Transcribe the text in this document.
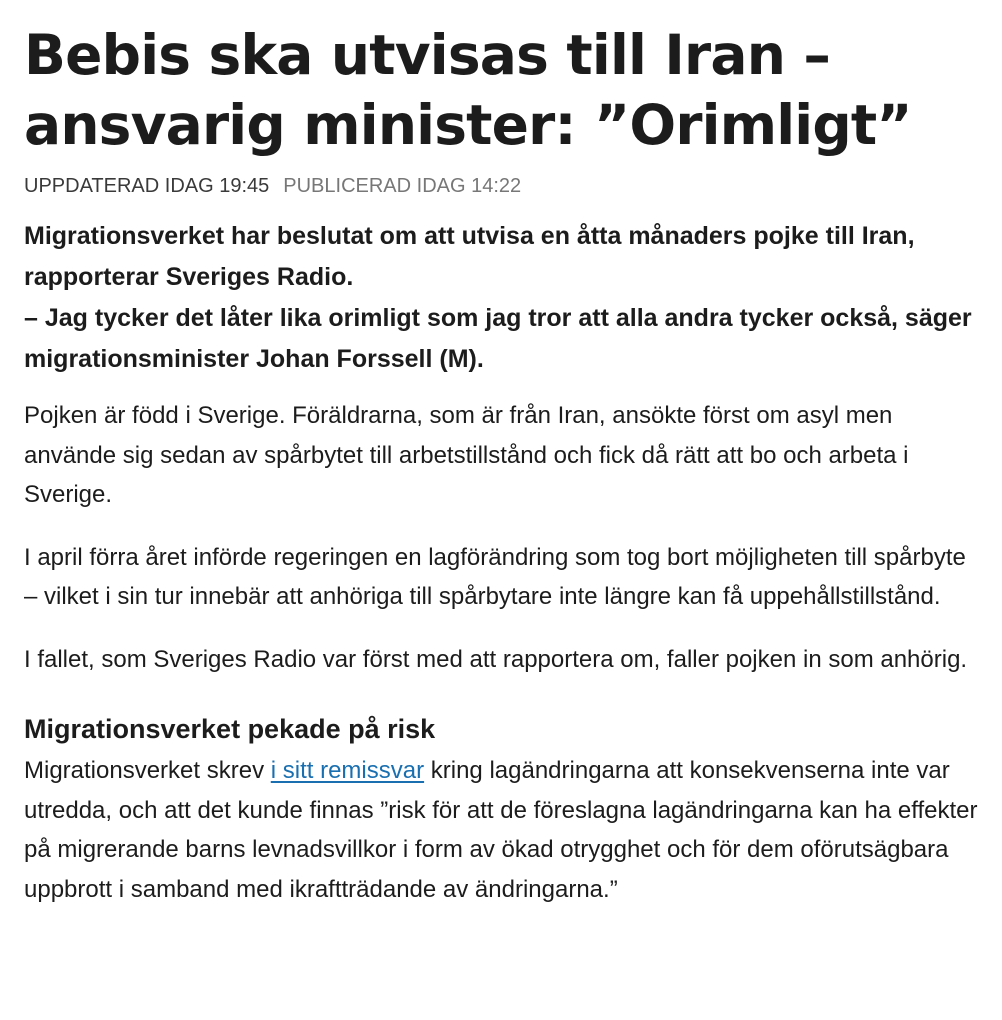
Bebis ska utvisas till Iran – ansvarig minister: ”Orimligt”
UPPDATERAD IDAG 19:45 PUBLICERAD IDAG 14:22

Migrationsverket har beslutat om att utvisa en åtta månaders pojke till Iran, rapporterar Sveriges Radio.
– Jag tycker det låter lika orimligt som jag tror att alla andra tycker också, säger migrationsminister Johan Forssell (M).

Pojken är född i Sverige. Föräldrarna, som är från Iran, ansökte först om asyl men använde sig sedan av spårbytet till arbetstillstånd och fick då rätt att bo och arbeta i Sverige.

I april förra året införde regeringen en lagförändring som tog bort möjligheten till spårbyte – vilket i sin tur innebär att anhöriga till spårbytare inte längre kan få uppehållstillstånd.

I fallet, som Sveriges Radio var först med att rapportera om, faller pojken in som anhörig.

Migrationsverket pekade på risk

Migrationsverket skrev i sitt remissvar kring lagändringarna att konsekvenserna inte var utredda, och att det kunde finnas ”risk för att de föreslagna lagändringarna kan ha effekter på migrerande barns levnadsvillkor i form av ökad otrygghet och för dem oförutsägbara uppbrott i samband med ikraftträdande av ändringarna.”
